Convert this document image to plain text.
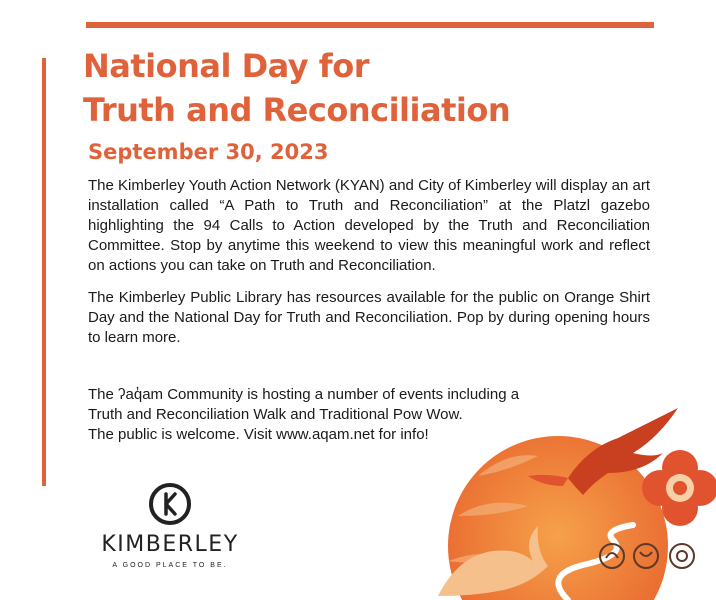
National Day for
Truth and Reconciliation
September 30, 2023

The Kimberley Youth Action Network (KYAN) and City of Kimberley will display an art installation called “A Path to Truth and Reconciliation” at the Platzl gazebo highlighting the 94 Calls to Action developed by the Truth and Reconciliation Committee. Stop by anytime this weekend to view this meaningful work and reflect on actions you can take on Truth and Reconciliation.

The Kimberley Public Library has resources available for the public on Orange Shirt Day and the National Day for Truth and Reconciliation. Pop by during opening hours to learn more.

The ʔaq̓am Community is hosting a number of events including a
Truth and Reconciliation Walk and Traditional Pow Wow.
The public is welcome. Visit www.aqam.net for info!

KIMBERLEY
A GOOD PLACE TO BE.
